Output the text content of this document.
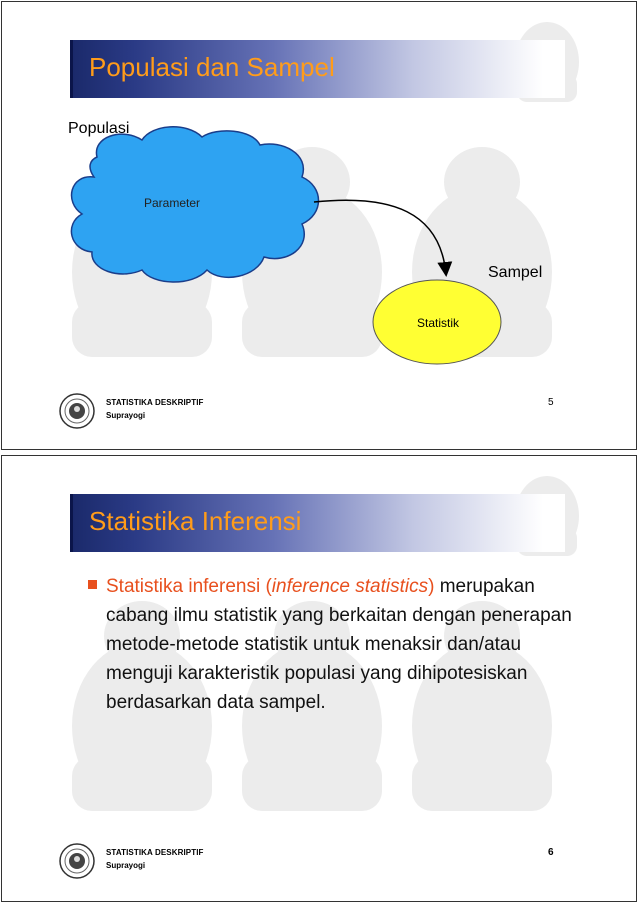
Populasi dan Sampel
Populasi
Parameter
Sampel
Statistik
STATISTIKA DESKRIPTIF
Suprayogi
5
Statistika Inferensi
Statistika inferensi (inference statistics) merupakan cabang ilmu statistik yang berkaitan dengan penerapan metode-metode statistik untuk menaksir dan/atau menguji karakteristik populasi yang dihipotesiskan berdasarkan data sampel.
STATISTIKA DESKRIPTIF
Suprayogi
6
